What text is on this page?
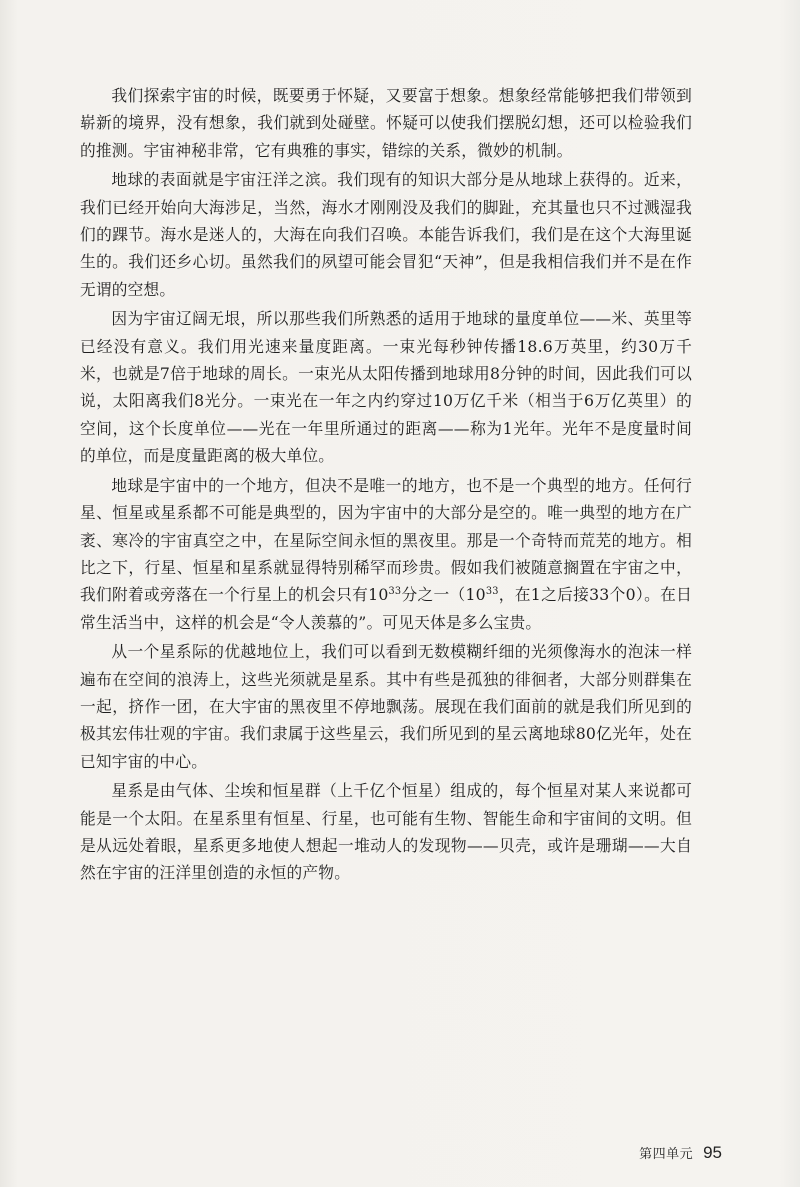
我们探索宇宙的时候，既要勇于怀疑，又要富于想象。想象经常能够把我们带领到崭新的境界，没有想象，我们就到处碰壁。怀疑可以使我们摆脱幻想，还可以检验我们的推测。宇宙神秘非常，它有典雅的事实，错综的关系，微妙的机制。

地球的表面就是宇宙汪洋之滨。我们现有的知识大部分是从地球上获得的。近来，我们已经开始向大海涉足，当然，海水才刚刚没及我们的脚趾，充其量也只不过溅湿我们的踝节。海水是迷人的，大海在向我们召唤。本能告诉我们，我们是在这个大海里诞生的。我们还乡心切。虽然我们的夙望可能会冒犯“天神”，但是我相信我们并不是在作无谓的空想。

因为宇宙辽阔无垠，所以那些我们所熟悉的适用于地球的量度单位——米、英里等已经没有意义。我们用光速来量度距离。一束光每秒钟传播18.6万英里，约30万千米，也就是7倍于地球的周长。一束光从太阳传播到地球用8分钟的时间，因此我们可以说，太阳离我们8光分。一束光在一年之内约穿过10万亿千米（相当于6万亿英里）的空间，这个长度单位——光在一年里所通过的距离——称为1光年。光年不是度量时间的单位，而是度量距离的极大单位。

地球是宇宙中的一个地方，但决不是唯一的地方，也不是一个典型的地方。任何行星、恒星或星系都不可能是典型的，因为宇宙中的大部分是空的。唯一典型的地方在广袤、寒冷的宇宙真空之中，在星际空间永恒的黑夜里。那是一个奇特而荒芜的地方。相比之下，行星、恒星和星系就显得特别稀罕而珍贵。假如我们被随意搁置在宇宙之中，我们附着或旁落在一个行星上的机会只有$10^{33}$分之一（$10^{33}$，在1之后接33个0）。在日常生活当中，这样的机会是“令人羡慕的”。可见天体是多么宝贵。

从一个星系际的优越地位上，我们可以看到无数模糊纤细的光须像海水的泡沫一样遍布在空间的浪涛上，这些光须就是星系。其中有些是孤独的徘徊者，大部分则群集在一起，挤作一团，在大宇宙的黑夜里不停地飘荡。展现在我们面前的就是我们所见到的极其宏伟壮观的宇宙。我们隶属于这些星云，我们所见到的星云离地球80亿光年，处在已知宇宙的中心。

星系是由气体、尘埃和恒星群（上千亿个恒星）组成的，每个恒星对某人来说都可能是一个太阳。在星系里有恒星、行星，也可能有生物、智能生命和宇宙间的文明。但是从远处着眼，星系更多地使人想起一堆动人的发现物——贝壳，或许是珊瑚——大自然在宇宙的汪洋里创造的永恒的产物。

第四单元 95
